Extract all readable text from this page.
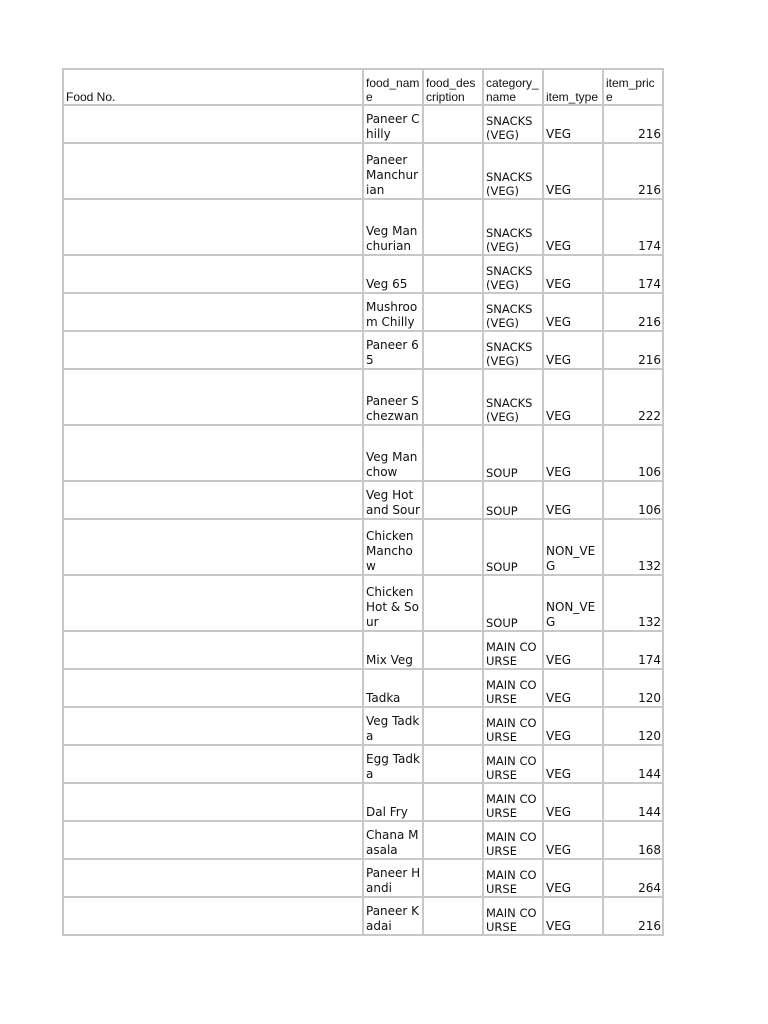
Food No.	food_name	food_description	category_name	item_type	item_price
	Paneer Chilly		SNACKS (VEG)	VEG	216
	Paneer Manchurian		SNACKS (VEG)	VEG	216
	Veg Manchurian		SNACKS (VEG)	VEG	174
	Veg 65		SNACKS (VEG)	VEG	174
	Mushroom Chilly		SNACKS (VEG)	VEG	216
	Paneer 65		SNACKS (VEG)	VEG	216
	Paneer Schezwan		SNACKS (VEG)	VEG	222
	Veg Manchow		SOUP	VEG	106
	Veg Hot and Sour		SOUP	VEG	106
	Chicken Manchow		SOUP	NON_VEG	132
	Chicken Hot & Sour		SOUP	NON_VEG	132
	Mix Veg		MAIN COURSE	VEG	174
	Tadka		MAIN COURSE	VEG	120
	Veg Tadka		MAIN COURSE	VEG	120
	Egg Tadka		MAIN COURSE	VEG	144
	Dal Fry		MAIN COURSE	VEG	144
	Chana Masala		MAIN COURSE	VEG	168
	Paneer Handi		MAIN COURSE	VEG	264
	Paneer Kadai		MAIN COURSE	VEG	216
